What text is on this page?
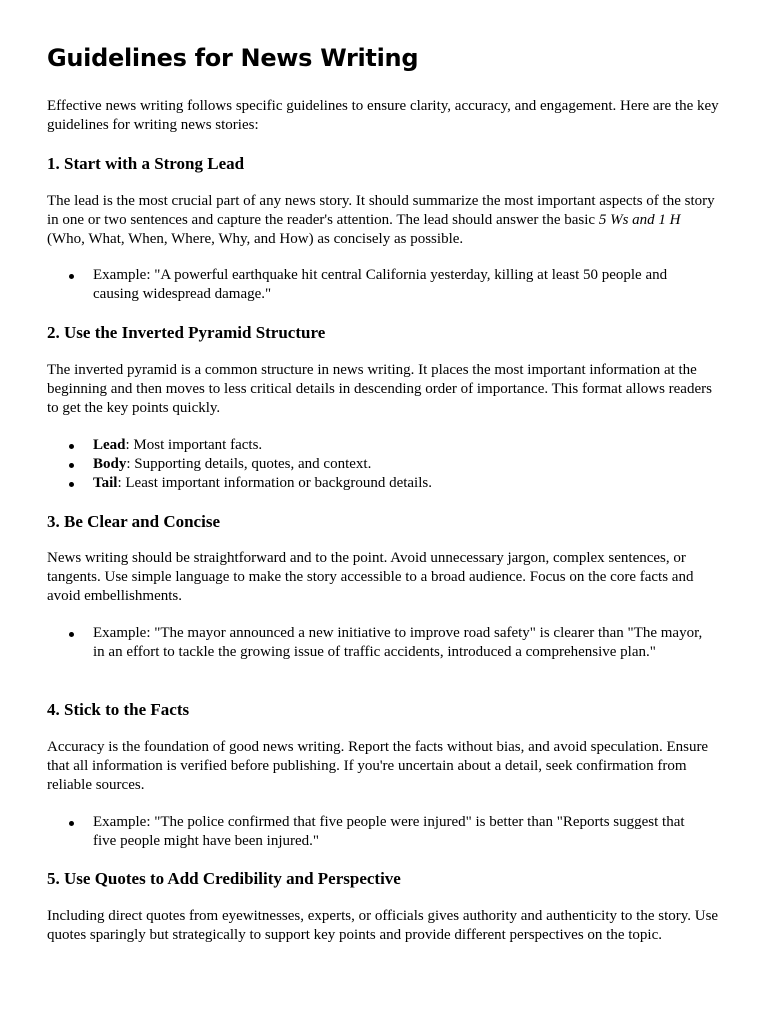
Guidelines for News Writing

Effective news writing follows specific guidelines to ensure clarity, accuracy, and engagement. Here are the key guidelines for writing news stories:

1. Start with a Strong Lead

The lead is the most crucial part of any news story. It should summarize the most important aspects of the story in one or two sentences and capture the reader's attention. The lead should answer the basic 5 Ws and 1 H (Who, What, When, Where, Why, and How) as concisely as possible.

Example: "A powerful earthquake hit central California yesterday, killing at least 50 people and causing widespread damage."
2. Use the Inverted Pyramid Structure

The inverted pyramid is a common structure in news writing. It places the most important information at the beginning and then moves to less critical details in descending order of importance. This format allows readers to get the key points quickly.

Lead: Most important facts.
Body: Supporting details, quotes, and context.
Tail: Least important information or background details.
3. Be Clear and Concise

News writing should be straightforward and to the point. Avoid unnecessary jargon, complex sentences, or tangents. Use simple language to make the story accessible to a broad audience. Focus on the core facts and avoid embellishments.

Example: "The mayor announced a new initiative to improve road safety" is clearer than "The mayor, in an effort to tackle the growing issue of traffic accidents, introduced a comprehensive plan."
4. Stick to the Facts

Accuracy is the foundation of good news writing. Report the facts without bias, and avoid speculation. Ensure that all information is verified before publishing. If you're uncertain about a detail, seek confirmation from reliable sources.

Example: "The police confirmed that five people were injured" is better than "Reports suggest that five people might have been injured."
5. Use Quotes to Add Credibility and Perspective

Including direct quotes from eyewitnesses, experts, or officials gives authority and authenticity to the story. Use quotes sparingly but strategically to support key points and provide different perspectives on the topic.
